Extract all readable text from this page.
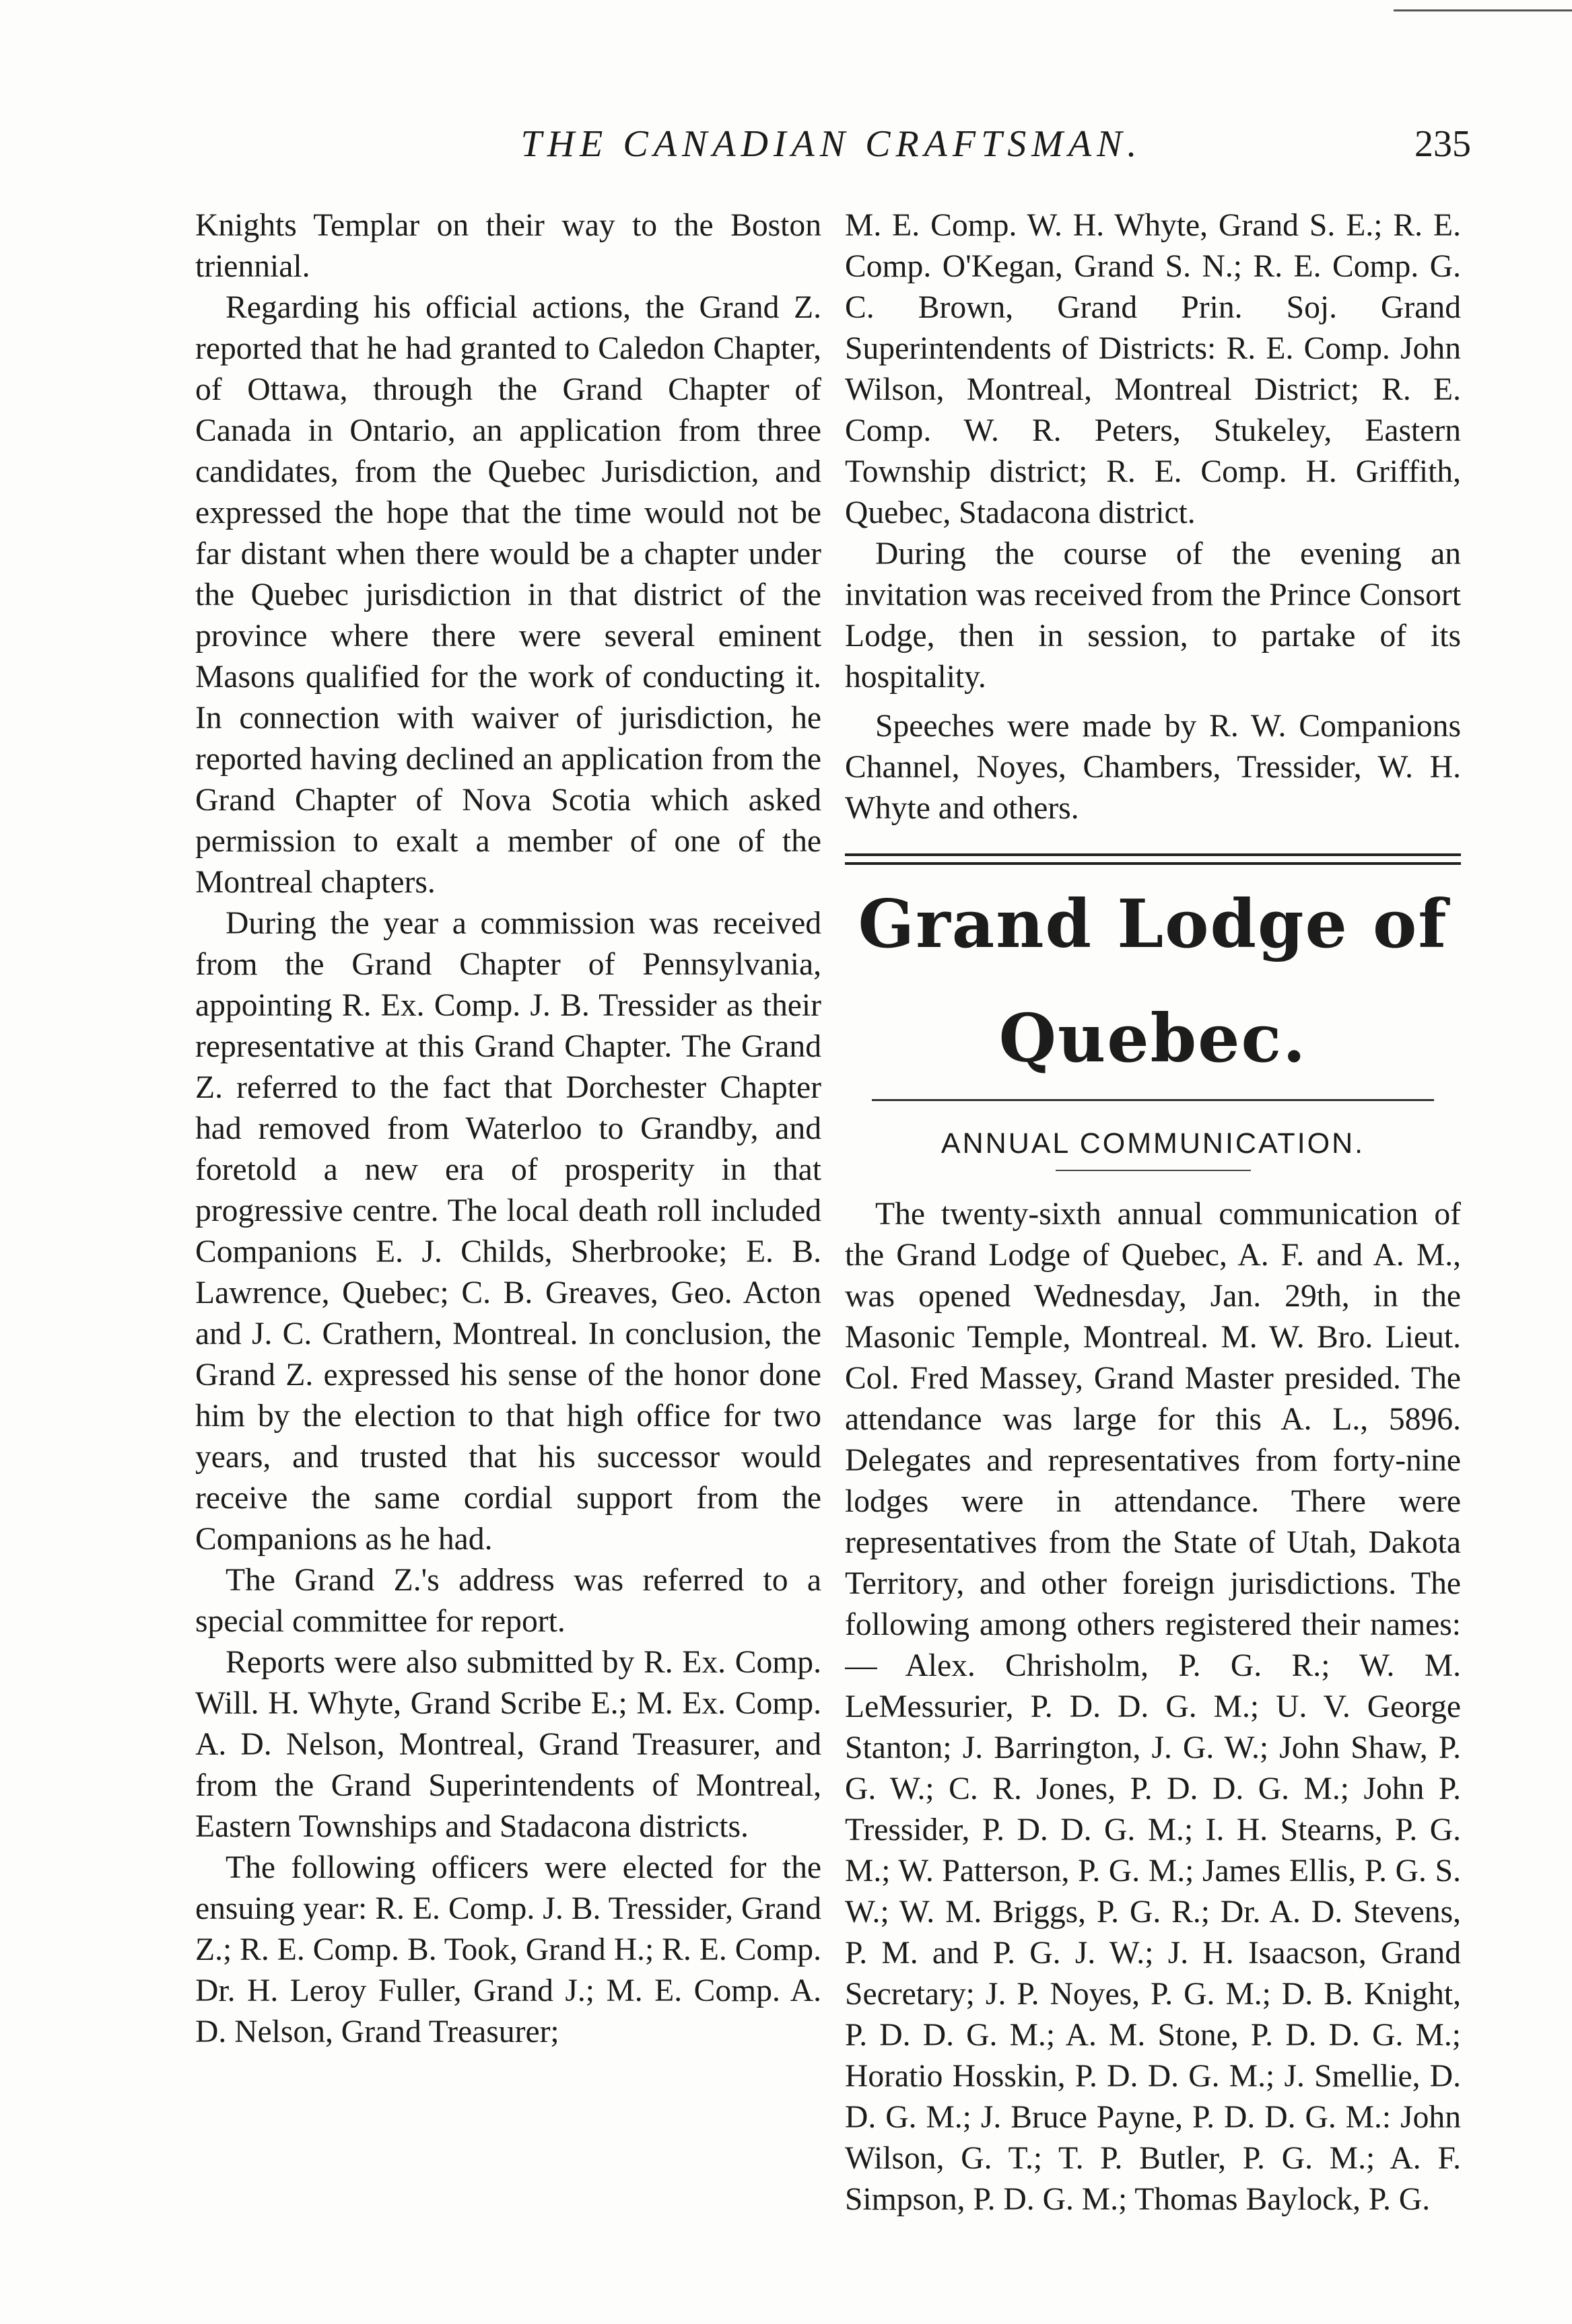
THE CANADIAN CRAFTSMAN.	235

Knights Templar on their way to the Boston triennial.

Regarding his official actions, the Grand Z. reported that he had granted to Caledon Chapter, of Ottawa, through the Grand Chapter of Canada in Ontario, an application from three candidates, from the Quebec Jurisdiction, and expressed the hope that the time would not be far distant when there would be a chapter under the Quebec jurisdiction in that district of the province where there were several eminent Masons qualified for the work of conducting it. In connection with waiver of jurisdiction, he reported having declined an application from the Grand Chapter of Nova Scotia which asked permission to exalt a member of one of the Montreal chapters.

During the year a commission was received from the Grand Chapter of Pennsylvania, appointing R. Ex. Comp. J. B. Tressider as their representative at this Grand Chapter. The Grand Z. referred to the fact that Dorchester Chapter had removed from Waterloo to Grandby, and foretold a new era of prosperity in that progressive centre. The local death roll included Companions E. J. Childs, Sherbrooke; E. B. Lawrence, Quebec; C. B. Greaves, Geo. Acton and J. C. Crathern, Montreal. In conclusion, the Grand Z. expressed his sense of the honor done him by the election to that high office for two years, and trusted that his successor would receive the same cordial support from the Companions as he had.

The Grand Z.'s address was referred to a special committee for report.

Reports were also submitted by R. Ex. Comp. Will. H. Whyte, Grand Scribe E.; M. Ex. Comp. A. D. Nelson, Montreal, Grand Treasurer, and from the Grand Superintendents of Montreal, Eastern Townships and Stadacona districts.

The following officers were elected for the ensuing year: R. E. Comp. J. B. Tressider, Grand Z.; R. E. Comp. B. Took, Grand H.; R. E. Comp. Dr. H. Leroy Fuller, Grand J.; M. E. Comp. A. D. Nelson, Grand Treasurer;

M. E. Comp. W. H. Whyte, Grand S. E.; R. E. Comp. O'Kegan, Grand S. N.; R. E. Comp. G. C. Brown, Grand Prin. Soj. Grand Superintendents of Districts: R. E. Comp. John Wilson, Montreal, Montreal District; R. E. Comp. W. R. Peters, Stukeley, Eastern Township district; R. E. Comp. H. Griffith, Quebec, Stadacona district.

During the course of the evening an invitation was received from the Prince Consort Lodge, then in session, to partake of its hospitality.

Speeches were made by R. W. Companions Channel, Noyes, Chambers, Tressider, W. H. Whyte and others.

Grand Lodge of Quebec.
ANNUAL COMMUNICATION.

The twenty-sixth annual communication of the Grand Lodge of Quebec, A. F. and A. M., was opened Wednesday, Jan. 29th, in the Masonic Temple, Montreal. M. W. Bro. Lieut. Col. Fred Massey, Grand Master presided. The attendance was large for this A. L., 5896. Delegates and representatives from forty-nine lodges were in attendance. There were representatives from the State of Utah, Dakota Territory, and other foreign jurisdictions. The following among others registered their names:— Alex. Chrisholm, P. G. R.; W. M. LeMessurier, P. D. D. G. M.; U. V. George Stanton; J. Barrington, J. G. W.; John Shaw, P. G. W.; C. R. Jones, P. D. D. G. M.; John P. Tressider, P. D. D. G. M.; I. H. Stearns, P. G. M.; W. Patterson, P. G. M.; James Ellis, P. G. S. W.; W. M. Briggs, P. G. R.; Dr. A. D. Stevens, P. M. and P. G. J. W.; J. H. Isaacson, Grand Secretary; J. P. Noyes, P. G. M.; D. B. Knight, P. D. D. G. M.; A. M. Stone, P. D. D. G. M.; Horatio Hosskin, P. D. D. G. M.; J. Smellie, D. D. G. M.; J. Bruce Payne, P. D. D. G. M.: John Wilson, G. T.; T. P. Butler, P. G. M.; A. F. Simpson, P. D. G. M.; Thomas Baylock, P. G.
